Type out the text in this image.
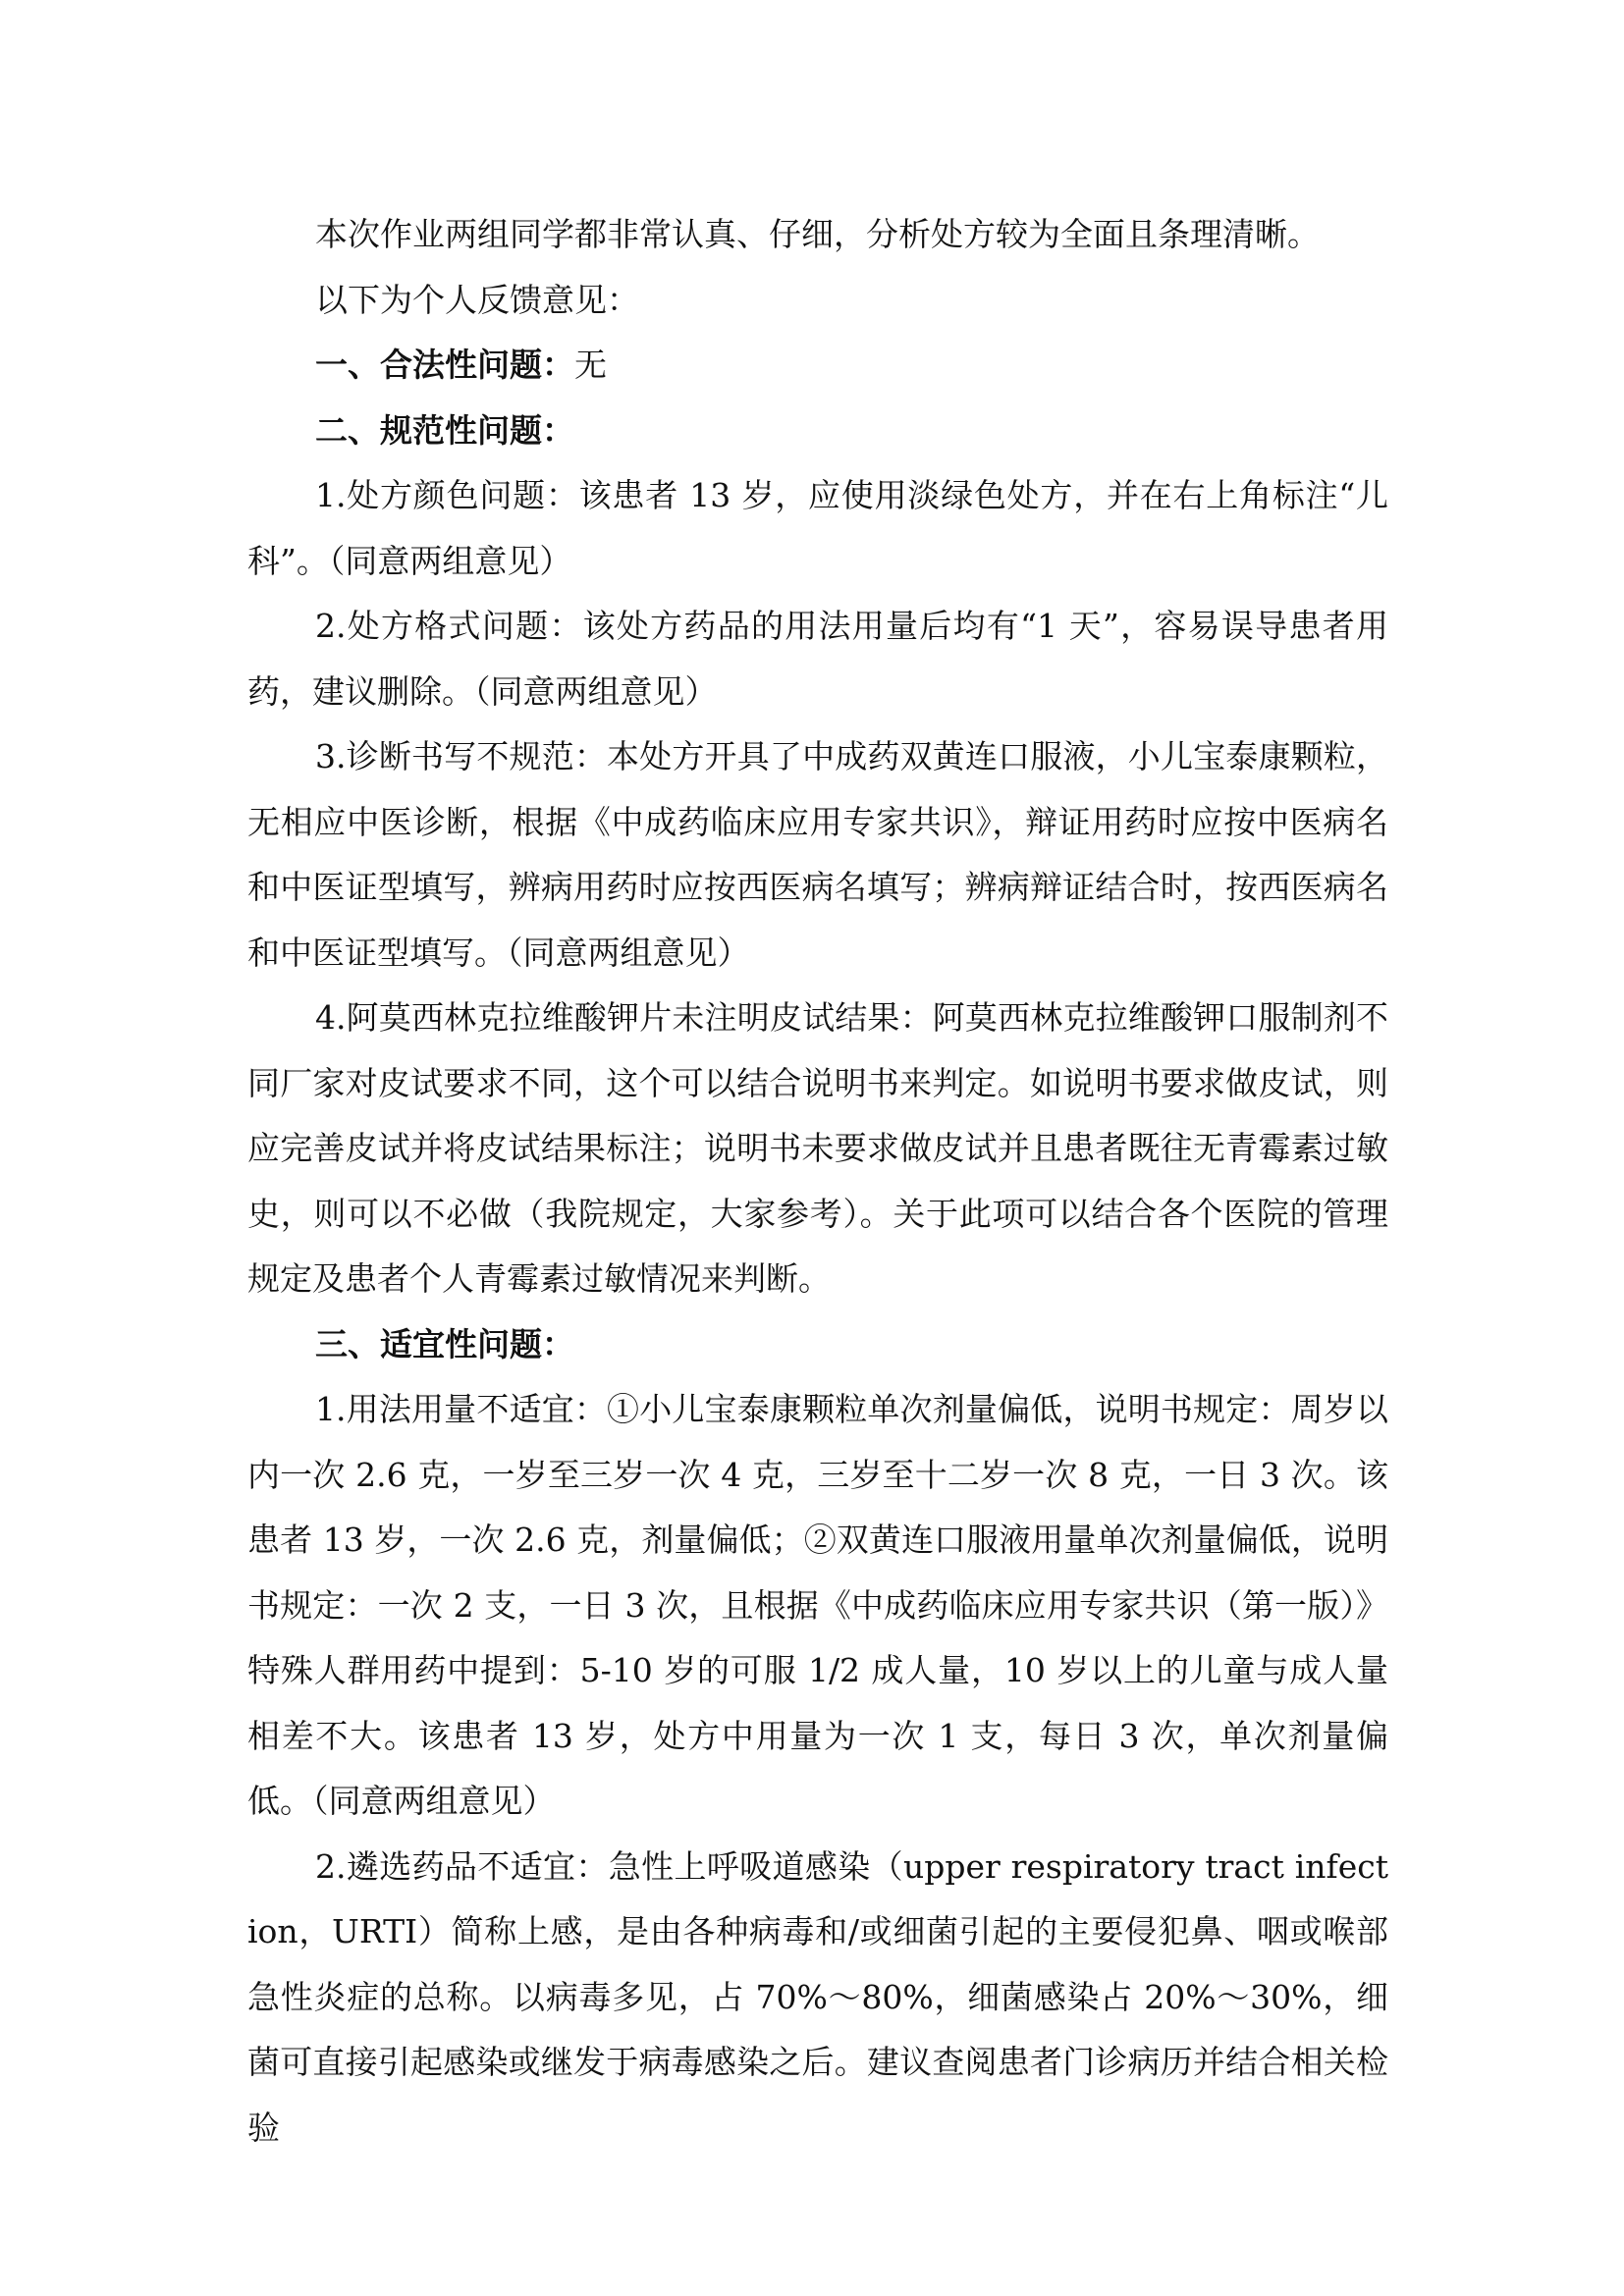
本次作业两组同学都非常认真、仔细，分析处方较为全面且条理清晰。

以下为个人反馈意见：

一、合法性问题：无

二、规范性问题：

1.处方颜色问题：该患者 13 岁，应使用淡绿色处方，并在右上角标注“儿科”。（同意两组意见）

2.处方格式问题：该处方药品的用法用量后均有“1 天”，容易误导患者用药，建议删除。（同意两组意见）

3.诊断书写不规范：本处方开具了中成药双黄连口服液，小儿宝泰康颗粒，无相应中医诊断，根据《中成药临床应用专家共识》，辩证用药时应按中医病名和中医证型填写，辨病用药时应按西医病名填写；辨病辩证结合时，按西医病名和中医证型填写。（同意两组意见）

4.阿莫西林克拉维酸钾片未注明皮试结果：阿莫西林克拉维酸钾口服制剂不同厂家对皮试要求不同，这个可以结合说明书来判定。如说明书要求做皮试，则应完善皮试并将皮试结果标注；说明书未要求做皮试并且患者既往无青霉素过敏史，则可以不必做（我院规定，大家参考）。关于此项可以结合各个医院的管理规定及患者个人青霉素过敏情况来判断。

三、适宜性问题：

1.用法用量不适宜：①小儿宝泰康颗粒单次剂量偏低，说明书规定：周岁以内一次 2.6 克，一岁至三岁一次 4 克，三岁至十二岁一次 8 克，一日 3 次。该患者 13 岁，一次 2.6 克，剂量偏低；②双黄连口服液用量单次剂量偏低，说明书规定：一次 2 支，一日 3 次，且根据《中成药临床应用专家共识（第一版）》特殊人群用药中提到：5-10 岁的可服 1/2 成人量，10 岁以上的儿童与成人量相差不大。该患者 13 岁，处方中用量为一次 1 支，每日 3 次，单次剂量偏低。（同意两组意见）

2.遴选药品不适宜：急性上呼吸道感染（upper respiratory tract infection，URTI）简称上感，是由各种病毒和/或细菌引起的主要侵犯鼻、咽或喉部急性炎症的总称。以病毒多见，占 70%～80%，细菌感染占 20%～30%，细菌可直接引起感染或继发于病毒感染之后。建议查阅患者门诊病历并结合相关检验
